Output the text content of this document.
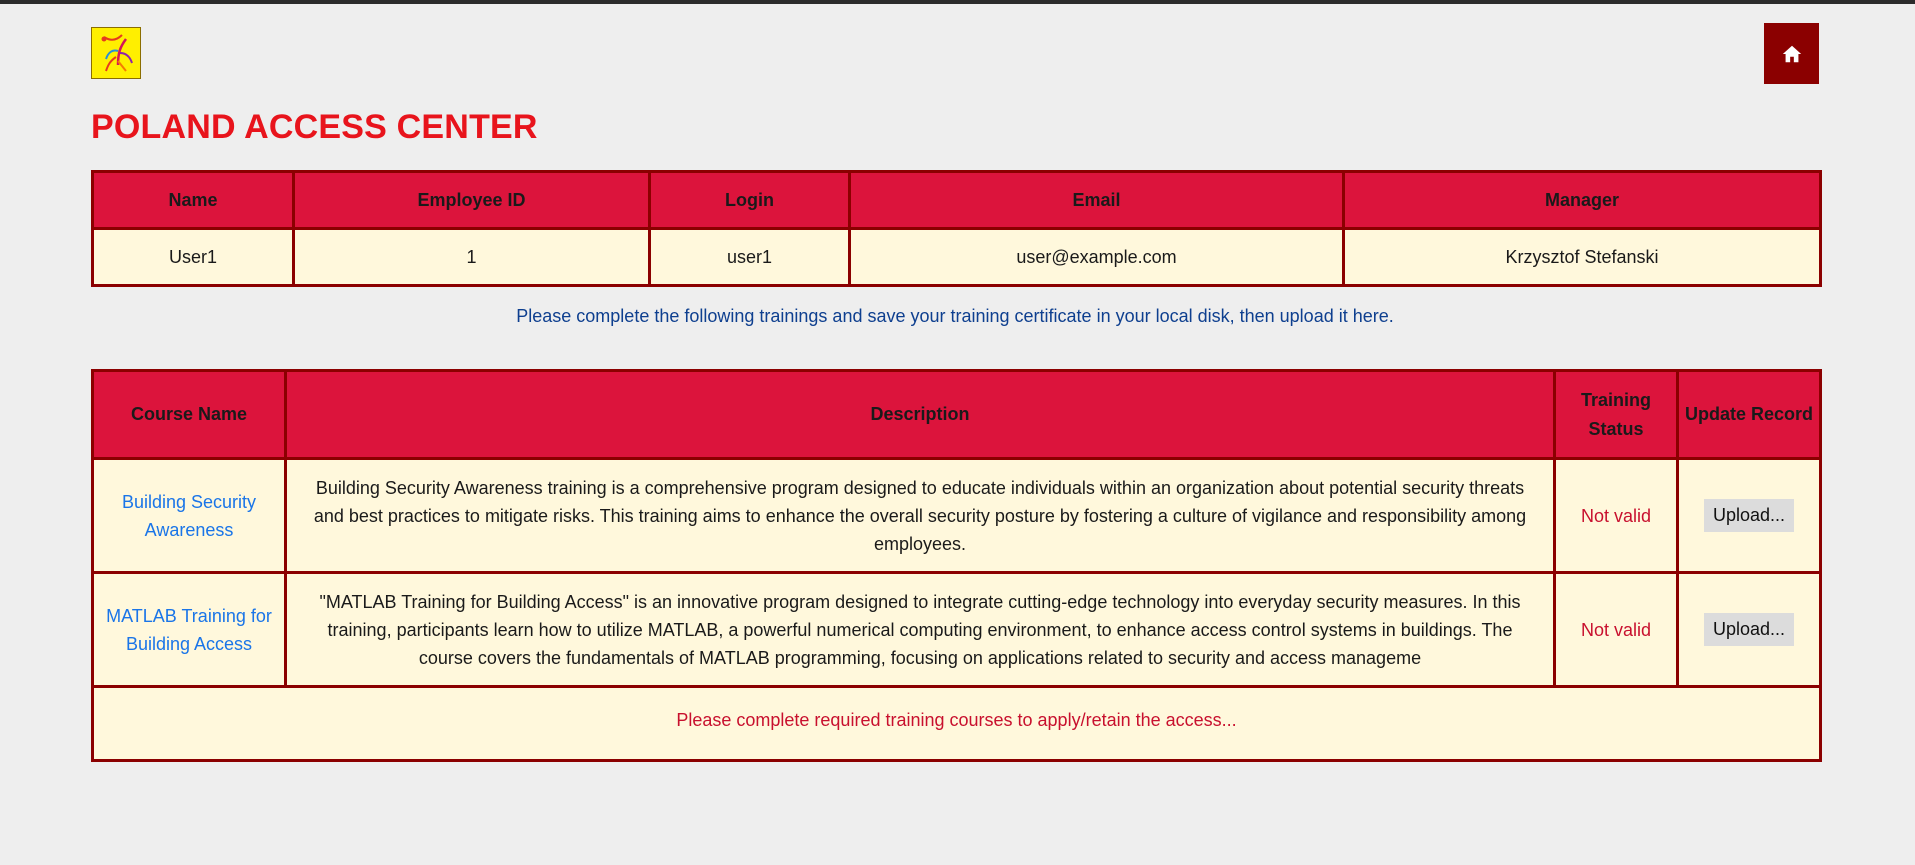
POLAND ACCESS CENTER
Name	Employee ID	Login	Email	Manager
User1	1	user1	user@example.com	Krzysztof Stefanski
Please complete the following trainings and save your training certificate in your local disk, then upload it here.
Course Name	Description	Training Status	Update Record
Building Security Awareness	Building Security Awareness training is a comprehensive program designed to educate individuals within an organization about potential security threats and best practices to mitigate risks. This training aims to enhance the overall security posture by fostering a culture of vigilance and responsibility among employees.	Not valid	Upload...
MATLAB Training for Building Access	"MATLAB Training for Building Access" is an innovative program designed to integrate cutting-edge technology into everyday security measures. In this training, participants learn how to utilize MATLAB, a powerful numerical computing environment, to enhance access control systems in buildings. The course covers the fundamentals of MATLAB programming, focusing on applications related to security and access manageme	Not valid	Upload...
Please complete required training courses to apply/retain the access...			
